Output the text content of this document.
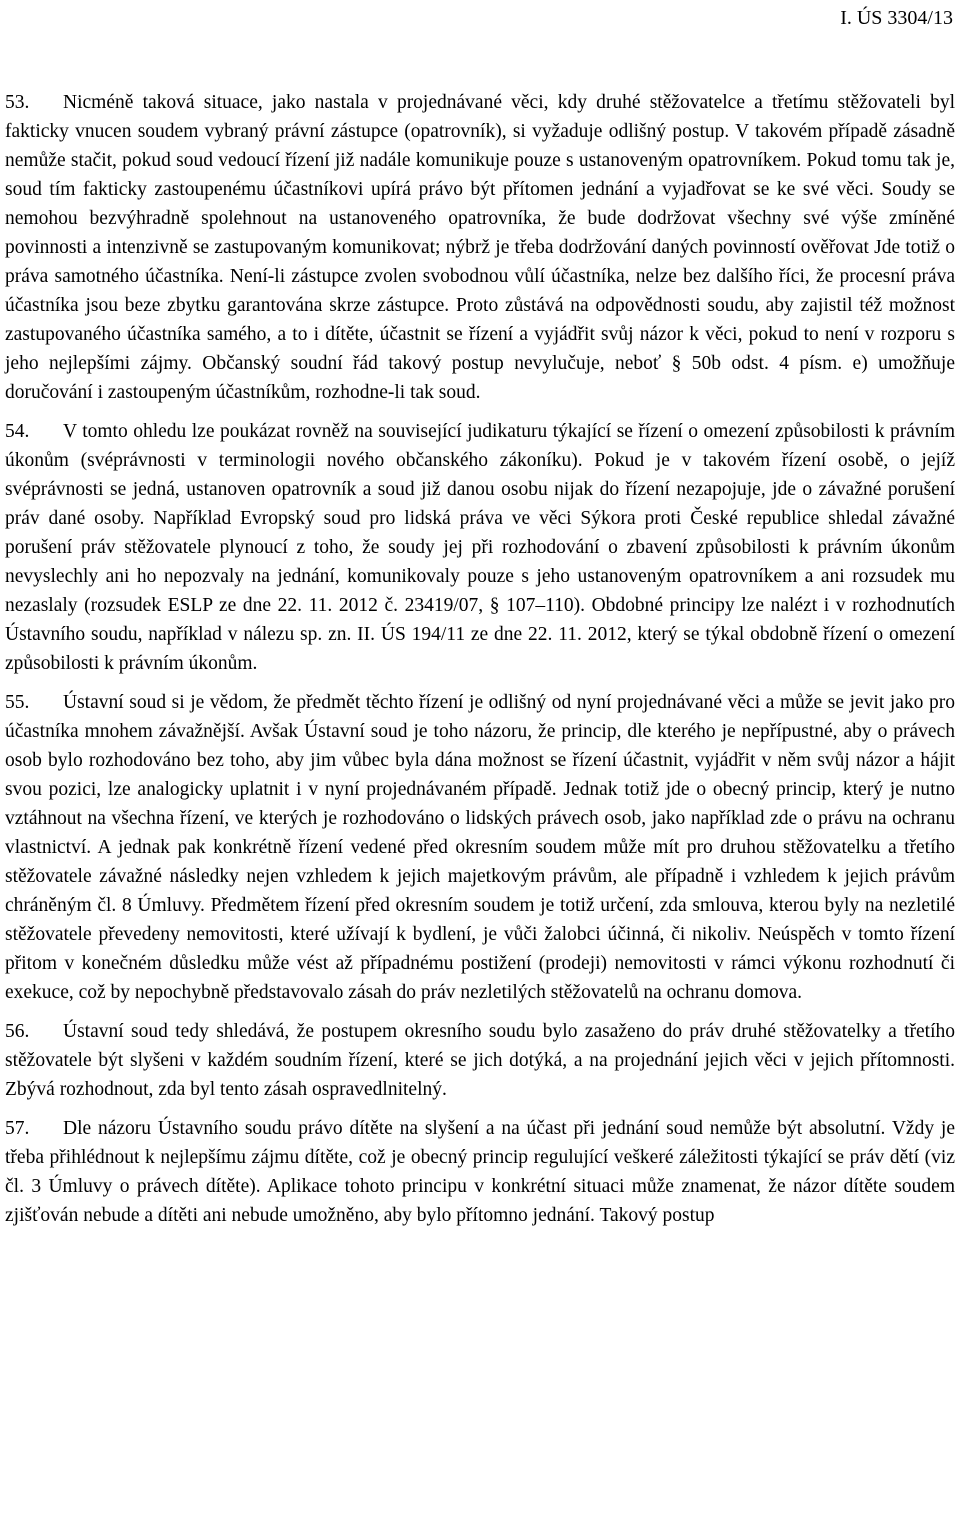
I. ÚS 3304/13

53. Nicméně taková situace, jako nastala v projednávané věci, kdy druhé stěžovatelce a třetímu stěžovateli byl fakticky vnucen soudem vybraný právní zástupce (opatrovník), si vyžaduje odlišný postup. V takovém případě zásadně nemůže stačit, pokud soud vedoucí řízení již nadále komunikuje pouze s ustanoveným opatrovníkem. Pokud tomu tak je, soud tím fakticky zastoupenému účastníkovi upírá právo být přítomen jednání a vyjadřovat se ke své věci. Soudy se nemohou bezvýhradně spolehnout na ustanoveného opatrovníka, že bude dodržovat všechny své výše zmíněné povinnosti a intenzivně se zastupovaným komunikovat; nýbrž je třeba dodržování daných povinností ověřovat Jde totiž o práva samotného účastníka. Není-li zástupce zvolen svobodnou vůlí účastníka, nelze bez dalšího říci, že procesní práva účastníka jsou beze zbytku garantována skrze zástupce. Proto zůstává na odpovědnosti soudu, aby zajistil též možnost zastupovaného účastníka samého, a to i dítěte, účastnit se řízení a vyjádřit svůj názor k věci, pokud to není v rozporu s jeho nejlepšími zájmy. Občanský soudní řád takový postup nevylučuje, neboť § 50b odst. 4 písm. e) umožňuje doručování i zastoupeným účastníkům, rozhodne-li tak soud.

54. V tomto ohledu lze poukázat rovněž na související judikaturu týkající se řízení o omezení způsobilosti k právním úkonům (svéprávnosti v terminologii nového občanského zákoníku). Pokud je v takovém řízení osobě, o jejíž svéprávnosti se jedná, ustanoven opatrovník a soud již danou osobu nijak do řízení nezapojuje, jde o závažné porušení práv dané osoby. Například Evropský soud pro lidská práva ve věci Sýkora proti České republice shledal závažné porušení práv stěžovatele plynoucí z toho, že soudy jej při rozhodování o zbavení způsobilosti k právním úkonům nevyslechly ani ho nepozvaly na jednání, komunikovaly pouze s jeho ustanoveným opatrovníkem a ani rozsudek mu nezaslaly (rozsudek ESLP ze dne 22. 11. 2012 č. 23419/07, § 107–110). Obdobné principy lze nalézt i v rozhodnutích Ústavního soudu, například v nálezu sp. zn. II. ÚS 194/11 ze dne 22. 11. 2012, který se týkal obdobně řízení o omezení způsobilosti k právním úkonům.

55. Ústavní soud si je vědom, že předmět těchto řízení je odlišný od nyní projednávané věci a může se jevit jako pro účastníka mnohem závažnější. Avšak Ústavní soud je toho názoru, že princip, dle kterého je nepřípustné, aby o právech osob bylo rozhodováno bez toho, aby jim vůbec byla dána možnost se řízení účastnit, vyjádřit v něm svůj názor a hájit svou pozici, lze analogicky uplatnit i v nyní projednávaném případě. Jednak totiž jde o obecný princip, který je nutno vztáhnout na všechna řízení, ve kterých je rozhodováno o lidských právech osob, jako například zde o právu na ochranu vlastnictví. A jednak pak konkrétně řízení vedené před okresním soudem může mít pro druhou stěžovatelku a třetího stěžovatele závažné následky nejen vzhledem k jejich majetkovým právům, ale případně i vzhledem k jejich právům chráněným čl. 8 Úmluvy. Předmětem řízení před okresním soudem je totiž určení, zda smlouva, kterou byly na nezletilé stěžovatele převedeny nemovitosti, které užívají k bydlení, je vůči žalobci účinná, či nikoliv. Neúspěch v tomto řízení přitom v konečném důsledku může vést až případnému postižení (prodeji) nemovitosti v rámci výkonu rozhodnutí či exekuce, což by nepochybně představovalo zásah do práv nezletilých stěžovatelů na ochranu domova.

56. Ústavní soud tedy shledává, že postupem okresního soudu bylo zasaženo do práv druhé stěžovatelky a třetího stěžovatele být slyšeni v každém soudním řízení, které se jich dotýká, a na projednání jejich věci v jejich přítomnosti. Zbývá rozhodnout, zda byl tento zásah ospravedlnitelný.

57. Dle názoru Ústavního soudu právo dítěte na slyšení a na účast při jednání soud nemůže být absolutní. Vždy je třeba přihlédnout k nejlepšímu zájmu dítěte, což je obecný princip regulující veškeré záležitosti týkající se práv dětí (viz čl. 3 Úmluvy o právech dítěte). Aplikace tohoto principu v konkrétní situaci může znamenat, že názor dítěte soudem zjišťován nebude a dítěti ani nebude umožněno, aby bylo přítomno jednání. Takový postup
